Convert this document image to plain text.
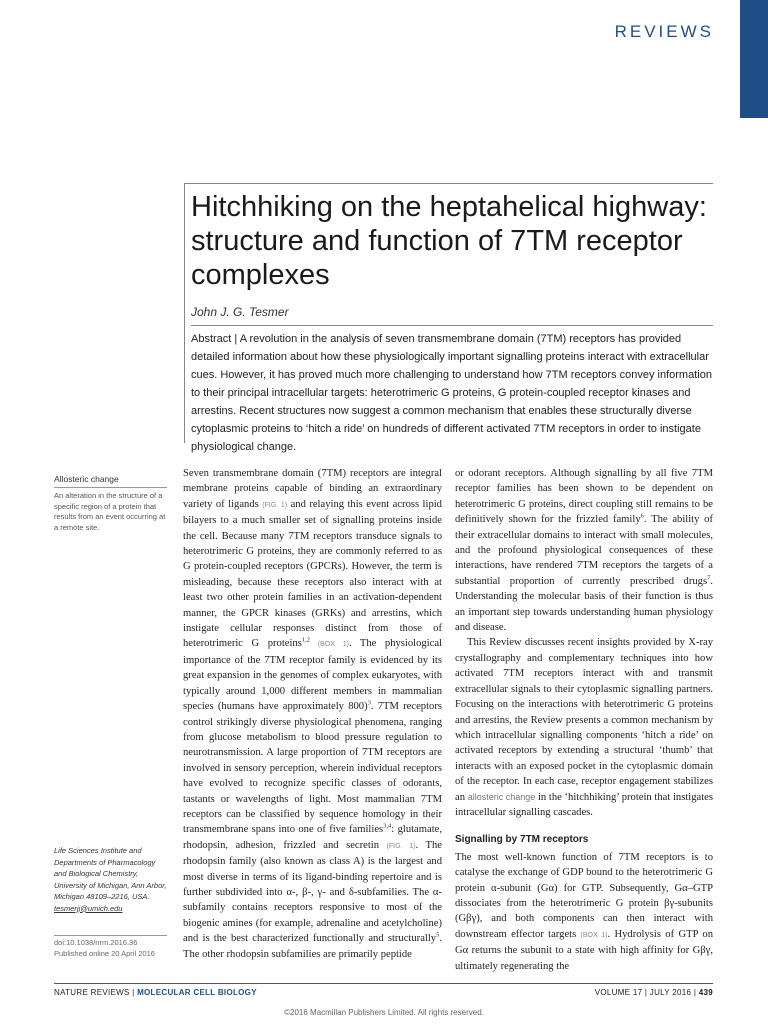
REVIEWS
Hitchhiking on the heptahelical highway: structure and function of 7TM receptor complexes
John J. G. Tesmer

Abstract | A revolution in the analysis of seven transmembrane domain (7TM) receptors has provided detailed information about how these physiologically important signalling proteins interact with extracellular cues. However, it has proved much more challenging to understand how 7TM receptors convey information to their principal intracellular targets: heterotrimeric G proteins, G protein-coupled receptor kinases and arrestins. Recent structures now suggest a common mechanism that enables these structurally diverse cytoplasmic proteins to ‘hitch a ride’ on hundreds of different activated 7TM receptors in order to instigate physiological change.

Allosteric change
An alteration in the structure of a specific region of a protein that results from an event occurring at a remote site.
Life Sciences Institute and Departments of Pharmacology and Biological Chemistry, University of Michigan, Ann Arbor, Michigan 48109–2216, USA.
tesmerjj@umich.edu
doi:10.1038/nrm.2016.36
Published online 20 April 2016

Seven transmembrane domain (7TM) receptors are integral membrane proteins capable of binding an extraordinary variety of ligands (FIG. 1) and relaying this event across lipid bilayers to a much smaller set of signalling proteins inside the cell. Because many 7TM receptors transduce signals to heterotrimeric G proteins, they are commonly referred to as G protein-coupled receptors (GPCRs). However, the term is misleading, because these receptors also interact with at least two other protein families in an activation-dependent manner, the GPCR kinases (GRKs) and arrestins, which instigate cellular responses distinct from those of heterotrimeric G proteins$^{1,2}$ (BOX 1). The physiological importance of the 7TM receptor family is evidenced by its great expansion in the genomes of complex eukaryotes, with typically around 1,000 different members in mammalian species (humans have approximately 800)$^3$. 7TM receptors control strikingly diverse physiological phenomena, ranging from glucose metabolism to blood pressure regulation to neurotransmission. A large proportion of 7TM receptors are involved in sensory perception, wherein individual receptors have evolved to recognize specific classes of odorants, tastants or wavelengths of light. Most mammalian 7TM receptors can be classified by sequence homology in their transmembrane spans into one of five families$^{3,4}$: glutamate, rhodopsin, adhesion, frizzled and secretin (FIG. 1). The rhodopsin family (also known as class A) is the largest and most diverse in terms of its ligand-binding repertoire and is further subdivided into α-, β-, γ- and δ-subfamilies. The α-subfamily contains receptors responsive to most of the biogenic amines (for example, adrenaline and acetylcholine) and is the best characterized functionally and structurally$^5$. The other rhodopsin subfamilies are primarily peptide

or odorant receptors. Although signalling by all five 7TM receptor families has been shown to be dependent on heterotrimeric G proteins, direct coupling still remains to be definitively shown for the frizzled family$^6$. The ability of their extracellular domains to interact with small molecules, and the profound physiological consequences of these interactions, have rendered 7TM receptors the targets of a substantial proportion of currently prescribed drugs$^7$. Understanding the molecular basis of their function is thus an important step towards understanding human physiology and disease.

This Review discusses recent insights provided by X-ray crystallography and complementary techniques into how activated 7TM receptors interact with and transmit extracellular signals to their cytoplasmic signalling partners. Focusing on the interactions with heterotrimeric G proteins and arrestins, the Review presents a common mechanism by which intracellular signalling components ‘hitch a ride’ on activated receptors by extending a structural ‘thumb’ that interacts with an exposed pocket in the cytoplasmic domain of the receptor. In each case, receptor engagement stabilizes an allosteric change in the ‘hitchhiking’ protein that instigates intracellular signalling cascades.

Signalling by 7TM receptors

The most well-known function of 7TM receptors is to catalyse the exchange of GDP bound to the heterotrimeric G protein α-subunit (Gα) for GTP. Subsequently, Gα–GTP dissociates from the heterotrimeric G protein βγ-subunits (Gβγ), and both components can then interact with downstream effector targets (BOX 1). Hydrolysis of GTP on Gα returns the subunit to a state with high affinity for Gβγ, ultimately regenerating the

NATURE REVIEWS | MOLECULAR CELL BIOLOGY	VOLUME 17 | JULY 2016 | 439
©2016 Macmillan Publishers Limited. All rights reserved.
